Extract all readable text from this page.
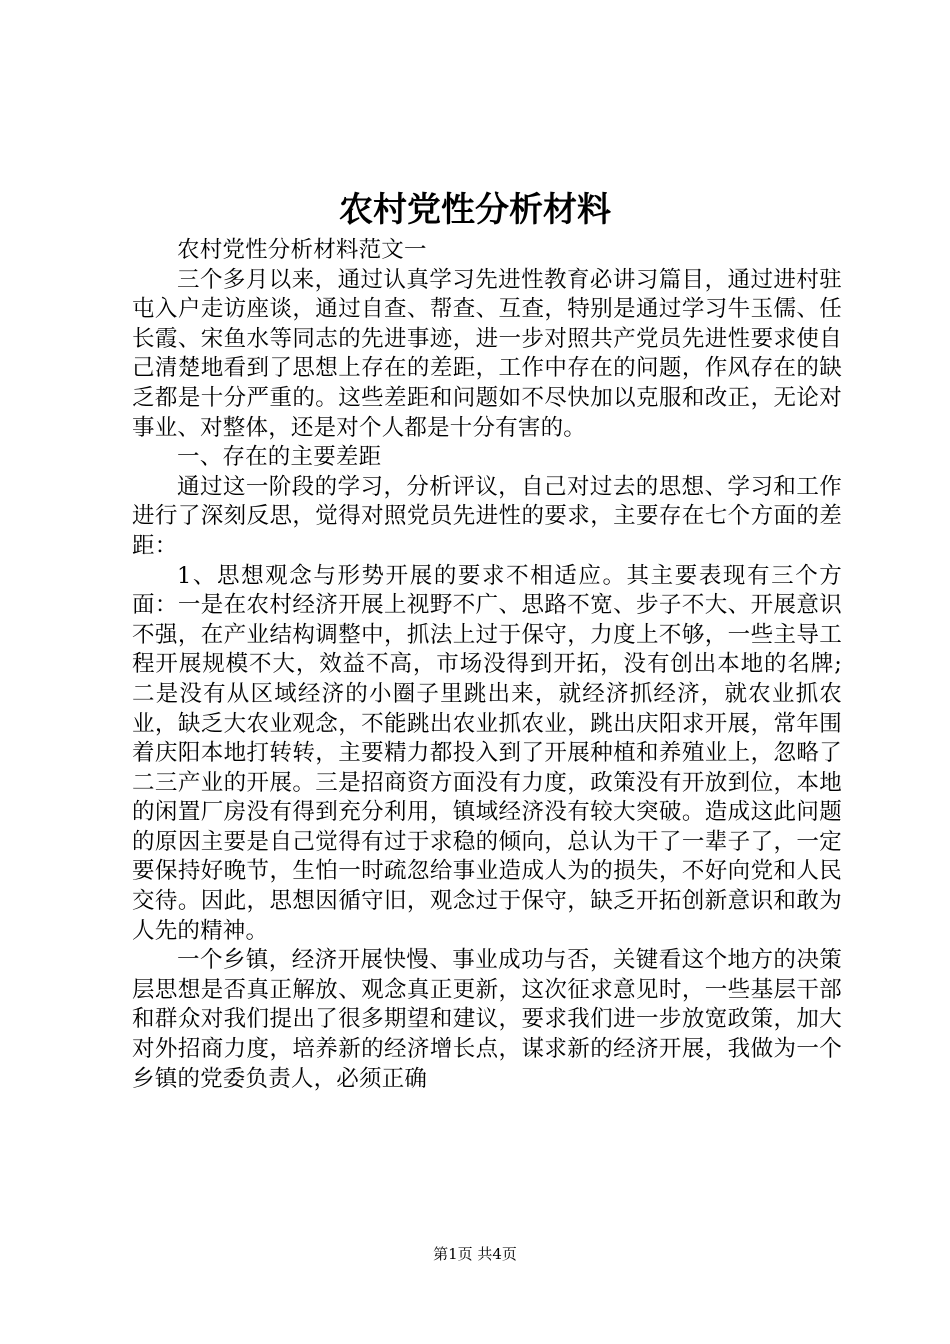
农村党性分析材料

农村党性分析材料范文一

三个多月以来，通过认真学习先进性教育必讲习篇目，通过进村驻屯入户走访座谈，通过自查、帮查、互查，特别是通过学习牛玉儒、任长霞、宋鱼水等同志的先进事迹，进一步对照共产党员先进性要求使自己清楚地看到了思想上存在的差距，工作中存在的问题，作风存在的缺乏都是十分严重的。这些差距和问题如不尽快加以克服和改正，无论对事业、对整体，还是对个人都是十分有害的。

一、存在的主要差距

通过这一阶段的学习，分析评议，自己对过去的思想、学习和工作进行了深刻反思，觉得对照党员先进性的要求，主要存在七个方面的差距：

1、思想观念与形势开展的要求不相适应。其主要表现有三个方面：一是在农村经济开展上视野不广、思路不宽、步子不大、开展意识不强，在产业结构调整中，抓法上过于保守，力度上不够，一些主导工程开展规模不大，效益不高，市场没得到开拓，没有创出本地的名牌;二是没有从区域经济的小圈子里跳出来，就经济抓经济，就农业抓农业，缺乏大农业观念，不能跳出农业抓农业，跳出庆阳求开展，常年围着庆阳本地打转转，主要精力都投入到了开展种植和养殖业上，忽略了二三产业的开展。三是招商资方面没有力度，政策没有开放到位，本地的闲置厂房没有得到充分利用，镇域经济没有较大突破。造成这此问题的原因主要是自己觉得有过于求稳的倾向，总认为干了一辈子了，一定要保持好晚节，生怕一时疏忽给事业造成人为的损失，不好向党和人民交待。因此，思想因循守旧，观念过于保守，缺乏开拓创新意识和敢为人先的精神。

一个乡镇，经济开展快慢、事业成功与否，关键看这个地方的决策层思想是否真正解放、观念真正更新，这次征求意见时，一些基层干部和群众对我们提出了很多期望和建议，要求我们进一步放宽政策，加大对外招商力度，培养新的经济增长点，谋求新的经济开展，我做为一个乡镇的党委负责人，必须正确

第1页 共4页
